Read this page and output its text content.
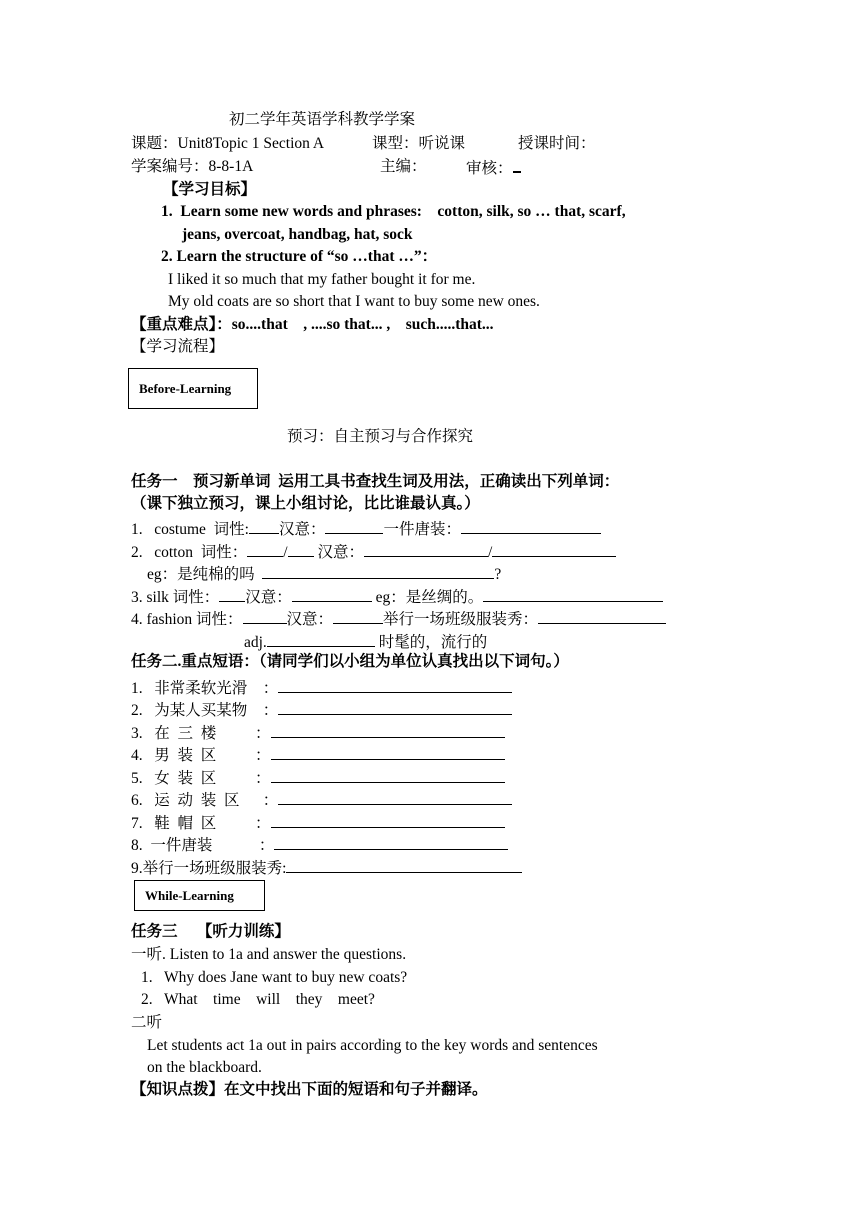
初二学年英语学科教学学案
课题：Unit8Topic 1 Section A	课型：听说课	授课时间：
学案编号：8-8-1A	主编：	审核：
【学习目标】
1.  Learn some new words and phrases:    cotton, silk, so … that, scarf,
jeans, overcoat, handbag, hat, sock
2. Learn the structure of “so …that …”：
I liked it so much that my father bought it for me.
My old coats are so short that I want to buy some new ones.
【重点难点】：so....that    , ....so that... ,    such.....that...
【学习流程】
Before-Learning
预习：自主预习与合作探究
任务一    预习新单词  运用工具书查找生词及用法，正确读出下列单词：
（课下独立预习，课上小组讨论，比比谁最认真。）
1.   costume  词性: 汉意：	一件唐装：
2.   cotton  词性： / 汉意：	/
eg：是纯棉的吗	?
3. silk 词性： 汉意：	eg：是丝绸的。
4. fashion 词性：	汉意：	举行一场班级服装秀：
adj.	时髦的，流行的
任务二.重点短语：（请同学们以小组为单位认真找出以下词句。）
1.   非常柔软光滑    ：
2.   为某人买某物    ：
3.   在  三  楼          ：
4.   男  装  区          ：
5.   女  装  区          ：
6.   运  动  装  区      ：
7.   鞋  帽  区          ：
8.  一件唐装            ：
9.举行一场班级服装秀:
While-Learning
任务三     【听力训练】
一听. Listen to 1a and answer the questions.
1.   Why does Jane want to buy new coats?
2.   What    time    will    they    meet?
二听
Let students act 1a out in pairs according to the key words and sentences
on the blackboard.
【知识点拨】在文中找出下面的短语和句子并翻译。
